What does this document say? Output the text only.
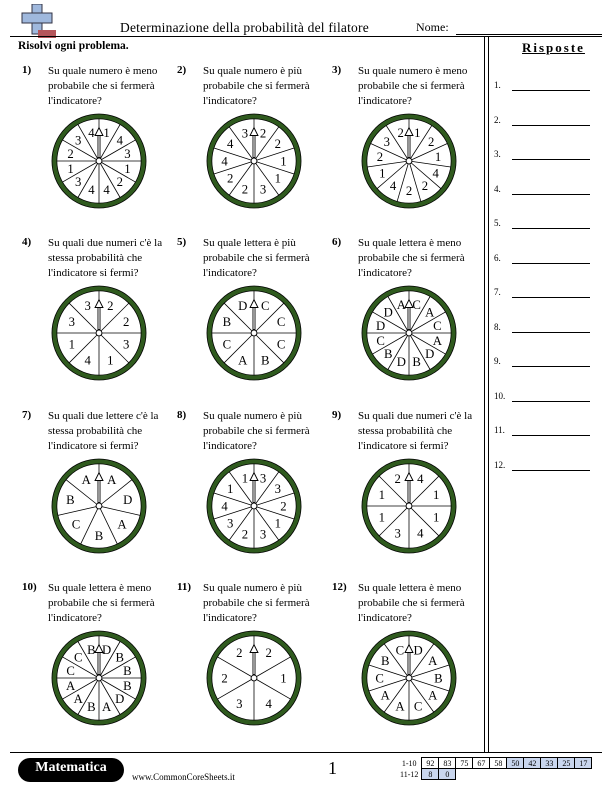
Determinazione della probabilità del filatore	Nome:
Risolvi ogni problema.	Risposte
1.
2.
3.
4.
5.
6.
7.
8.
9.
10.
11.
12.
1) Su quale numero è meno probabile che si fermerà l'indicatore?
1
4
3
1
2
4
4
3
1
2
3
4
2) Su quale numero è più probabile che si fermerà l'indicatore?
2
2
1
1
3
2
2
4
4
3
3) Su quale numero è meno probabile che si fermerà l'indicatore?
1
2
1
4
2
2
4
1
2
3
2
4) Su quali due numeri c'è la stessa probabilità che l'indicatore si fermi?
2
2
3
1
4
1
3
3
5) Su quale lettera è più probabile che si fermerà l'indicatore?
C
C
C
B
A
C
B
D
6) Su quale lettera è meno probabile che si fermerà l'indicatore?
C
A
C
A
D
B
D
B
C
D
D
A
7) Su quali due lettere c'è la stessa probabilità che l'indicatore si fermi?
A
D
A
B
C
B
A
8) Su quale numero è più probabile che si fermerà l'indicatore?
3
3
2
1
3
2
3
4
1
1
9) Su quali due numeri c'è la stessa probabilità che l'indicatore si fermi?
4
1
1
4
3
1
1
2
10) Su quale lettera è meno probabile che si fermerà l'indicatore?
D
B
B
B
D
A
B
A
A
C
C
B
11) Su quale numero è più probabile che si fermerà l'indicatore?
2
1
4
3
2
2
12) Su quale lettera è meno probabile che si fermerà l'indicatore?
D
A
B
A
C
A
A
C
B
C
Matematica
www.CommonCoreSheets.it	1	1-10	92	83	75	67	58	50	42	33	25	17
11-12	8	0								
